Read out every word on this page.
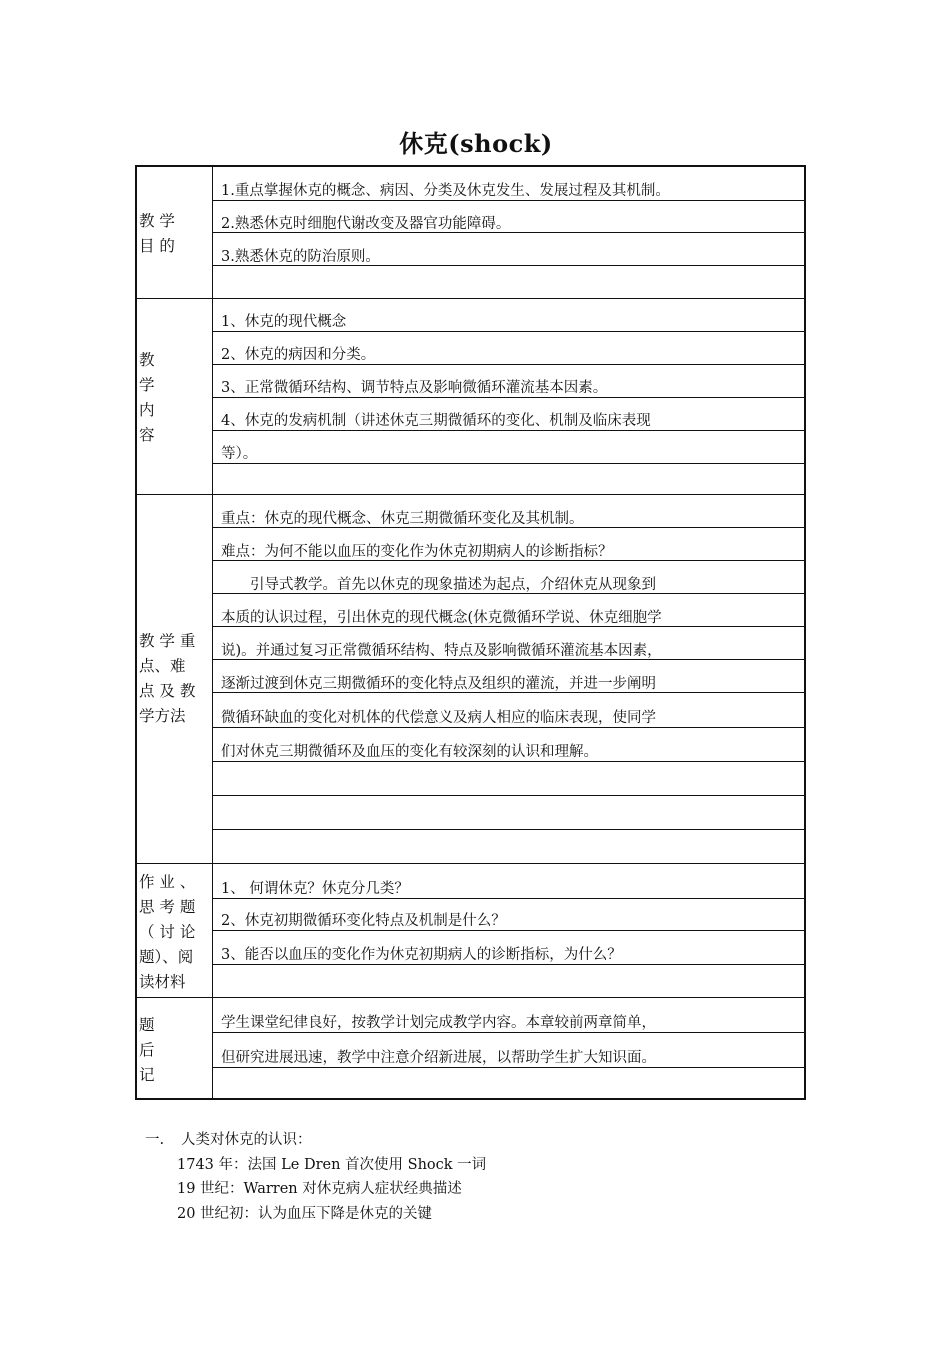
休克(shock)
教 学
目 的
1.重点掌握休克的概念、病因、分类及休克发生、发展过程及其机制。
2.熟悉休克时细胞代谢改变及器官功能障碍。
3.熟悉休克的防治原则。
教
学
内
容
1、休克的现代概念
2、休克的病因和分类。
3、正常微循环结构、调节特点及影响微循环灌流基本因素。
4、休克的发病机制（讲述休克三期微循环的变化、机制及临床表现
等）。
教 学 重
点、难
点 及 教
学方法
重点：休克的现代概念、休克三期微循环变化及其机制。
难点：为何不能以血压的变化作为休克初期病人的诊断指标？
　　引导式教学。首先以休克的现象描述为起点，介绍休克从现象到
本质的认识过程，引出休克的现代概念(休克微循环学说、休克细胞学
说)。并通过复习正常微循环结构、特点及影响微循环灌流基本因素，
逐渐过渡到休克三期微循环的变化特点及组织的灌流，并进一步阐明
微循环缺血的变化对机体的代偿意义及病人相应的临床表现，使同学
们对休克三期微循环及血压的变化有较深刻的认识和理解。
作 业 、
思 考 题
（ 讨 论
题）、阅
读材料
1、 何谓休克？休克分几类？
2、休克初期微循环变化特点及机制是什么？
3、能否以血压的变化作为休克初期病人的诊断指标，为什么？
题
后
记
学生课堂纪律良好，按教学计划完成教学内容。本章较前两章简单，
但研究进展迅速，教学中注意介绍新进展，以帮助学生扩大知识面。
一. 人类对休克的认识：
1743 年：法国 Le Dren 首次使用 Shock 一词
19 世纪：Warren 对休克病人症状经典描述
20 世纪初：认为血压下降是休克的关键
